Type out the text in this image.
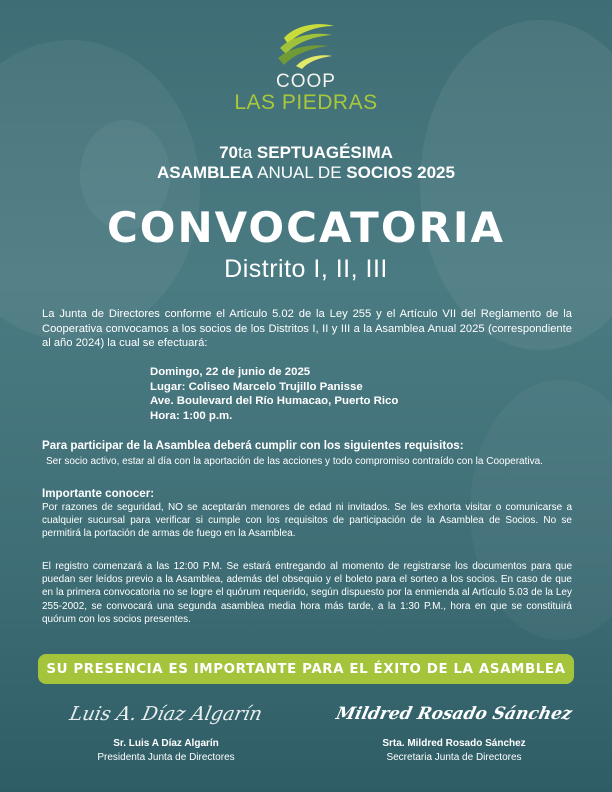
COOP
LAS PIEDRAS
70ta SEPTUAGÉSIMA
ASAMBLEA ANUAL DE SOCIOS 2025
CONVOCATORIA
Distrito I, II, III
La Junta de Directores conforme el Artículo 5.02 de la Ley 255 y el Artículo VII del Reglamento de la Cooperativa convocamos a los socios de los Distritos I, II y III a la Asamblea Anual 2025 (correspondiente al año 2024) la cual se efectuará:
Domingo, 22 de junio de 2025
Lugar: Coliseo Marcelo Trujillo Panisse
Ave. Boulevard del Río Humacao, Puerto Rico
Hora: 1:00 p.m.
Para participar de la Asamblea deberá cumplir con los siguientes requisitos:
Ser socio activo, estar al día con la aportación de las acciones y todo compromiso contraído con la Cooperativa.
Importante conocer:
Por razones de seguridad, NO se aceptarán menores de edad ni invitados. Se les exhorta visitar o comunicarse a cualquier sucursal para verificar si cumple con los requisitos de participación de la Asamblea de Socios. No se permitirá la portación de armas de fuego en la Asamblea.
El registro comenzará a las 12:00 P.M. Se estará entregando al momento de registrarse los documentos para que puedan ser leídos previo a la Asamblea, además del obsequio y el boleto para el sorteo a los socios. En caso de que en la primera convocatoria no se logre el quórum requerido, según dispuesto por la enmienda al Artículo 5.03 de la Ley 255-2002, se convocará una segunda asamblea media hora más tarde, a la 1:30 P.M., hora en que se constituirá quórum con los socios presentes.
SU PRESENCIA ES IMPORTANTE PARA EL ÉXITO DE LA ASAMBLEA
Luis A. Díaz Algarín
Sr. Luis A Díaz Algarín
Presidenta Junta de Directores
Mildred Rosado Sánchez
Srta. Mildred Rosado Sánchez
Secretaria Junta de Directores
